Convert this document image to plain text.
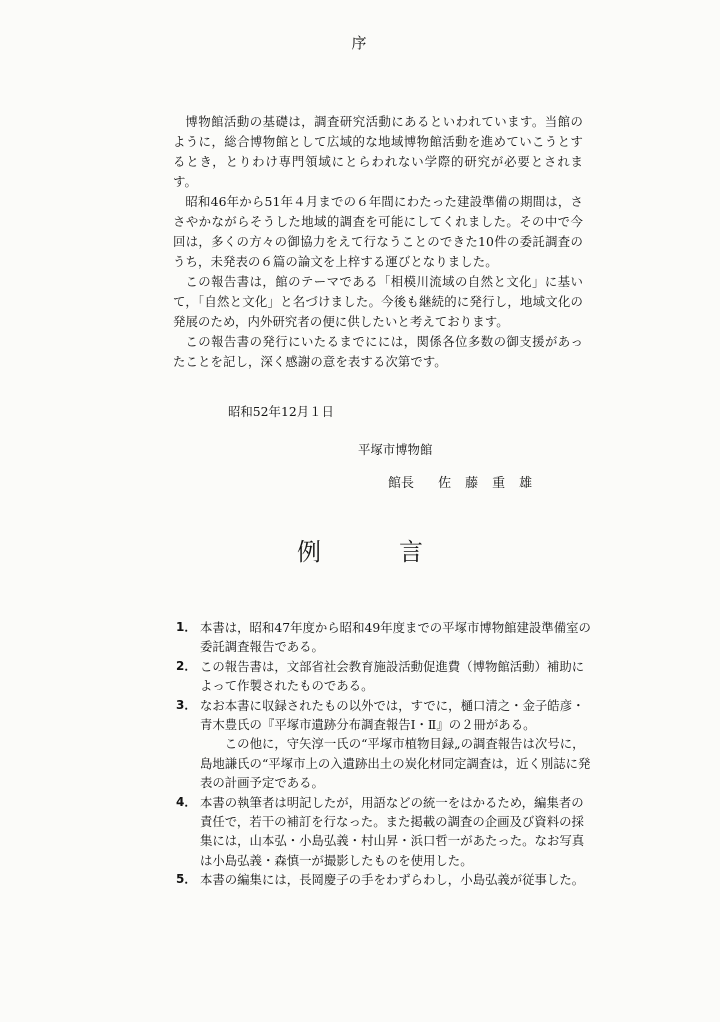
序

博物館活動の基礎は，調査研究活動にあるといわれています。当館のように，総合博物館として広域的な地域博物館活動を進めていこうとするとき，とりわけ専門領域にとらわれない学際的研究が必要とされます。

昭和46年から51年４月までの６年間にわたった建設準備の期間は，ささやかながらそうした地域的調査を可能にしてくれました。その中で今回は，多くの方々の御協力をえて行なうことのできた10件の委託調査のうち，未発表の６篇の論文を上梓する運びとなりました。

この報告書は，館のテーマである「相模川流域の自然と文化」に基いて，「自然と文化」と名づけました。今後も継続的に発行し，地域文化の発展のため，内外研究者の便に供したいと考えております。

この報告書の発行にいたるまでにには，関係各位多数の御支援があったことを記し，深く感謝の意を表する次第です。

昭和52年12月１日
平塚市博物館
館長 佐藤重雄
例	言
1． 本書は，昭和47年度から昭和49年度までの平塚市博物館建設準備室の委託調査報告である。

2． この報告書は，文部省社会教育施設活動促進費（博物館活動）補助によって作製されたものである。

3． なお本書に収録されたもの以外では，すでに，樋口清之・金子皓彦・青木豊氏の『平塚市遺跡分布調査報告Ⅰ・Ⅱ』の２冊がある。

この他に，守矢淳一氏の“平塚市植物目録„の調査報告は次号に，島地謙氏の“平塚市上の入遺跡出土の炭化材同定調査は，近く別誌に発表の計画予定である。

4． 本書の執筆者は明記したが，用語などの統一をはかるため，編集者の責任で，若干の補訂を行なった。また掲載の調査の企画及び資料の採集には，山本弘・小島弘義・村山昇・浜口哲一があたった。なお写真は小島弘義・森慎一が撮影したものを使用した。

5． 本書の編集には，長岡慶子の手をわずらわし，小島弘義が従事した。
